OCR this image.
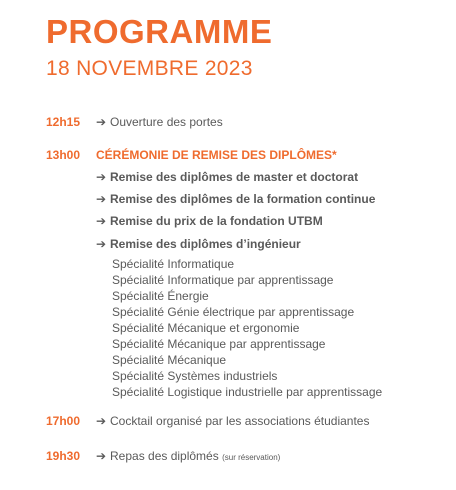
PROGRAMME
18 NOVEMBRE 2023
12h15 ➔ Ouverture des portes
13h00 CÉRÉMONIE DE REMISE DES DIPLÔMES*
➔ Remise des diplômes de master et doctorat
➔ Remise des diplômes de la formation continue
➔ Remise du prix de la fondation UTBM
➔ Remise des diplômes d’ingénieur
Spécialité Informatique
Spécialité Informatique par apprentissage
Spécialité Énergie
Spécialité Génie électrique par apprentissage
Spécialité Mécanique et ergonomie
Spécialité Mécanique par apprentissage
Spécialité Mécanique
Spécialité Systèmes industriels
Spécialité Logistique industrielle par apprentissage
17h00 ➔ Cocktail organisé par les associations étudiantes
19h30 ➔ Repas des diplômés (sur réservation)
